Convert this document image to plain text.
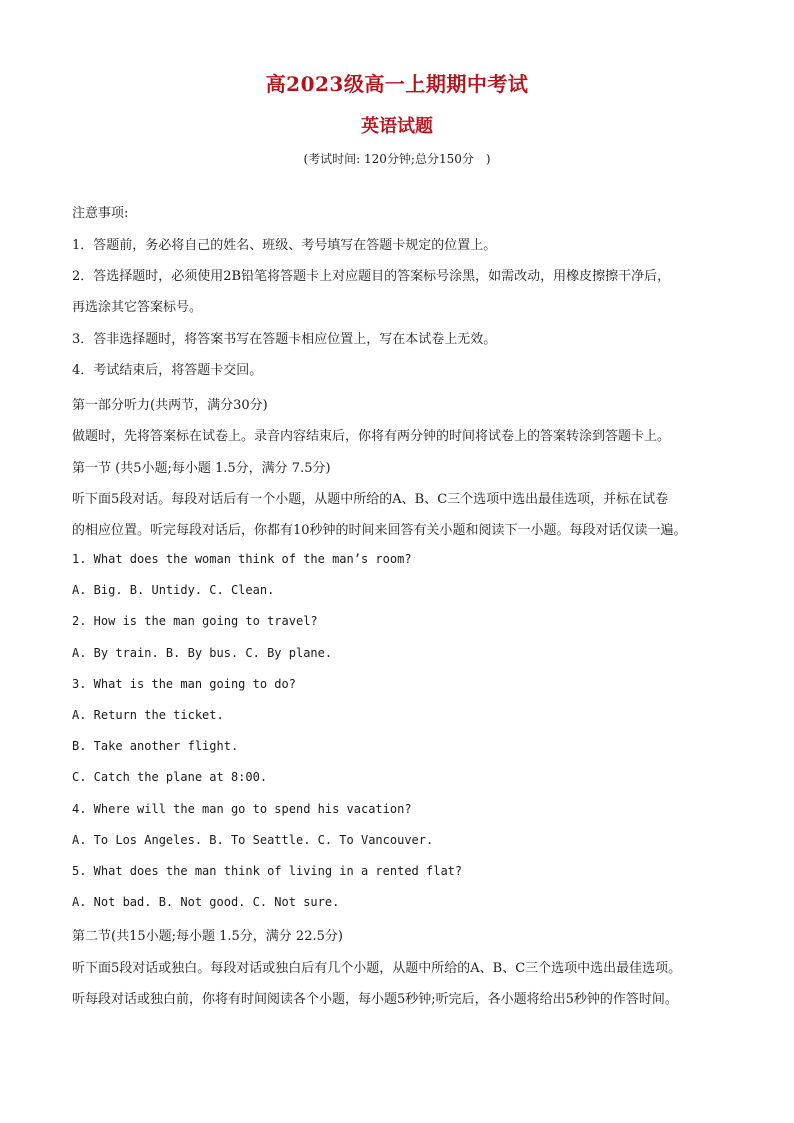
高2023级高一上期期中考试
英语试题
(考试时间: 120分钟;总分150分　)
注意事项:
1．答题前，务必将自己的姓名、班级、考号填写在答题卡规定的位置上。
2．答选择题时，必须使用2B铅笔将答题卡上对应题目的答案标号涂黑，如需改动，用橡皮擦擦干净后，
再选涂其它答案标号。
3．答非选择题时，将答案书写在答题卡相应位置上，写在本试卷上无效。
4．考试结束后，将答题卡交回。
第一部分听力(共两节，满分30分)
做题时，先将答案标在试卷上。录音内容结束后，你将有两分钟的时间将试卷上的答案转涂到答题卡上。
第一节 (共5小题;每小题 1.5分，满分 7.5分)
听下面5段对话。每段对话后有一个小题，从题中所给的A、B、C三个选项中选出最佳选项，并标在试卷
的相应位置。听完每段对话后，你都有10秒钟的时间来回答有关小题和阅读下一小题。每段对话仅读一遍。
1. What does the woman think of the man’s room?
A. Big. B. Untidy. C. Clean.
2. How is the man going to travel?
A. By train. B. By bus. C. By plane.
3. What is the man going to do?
A. Return the ticket.
B. Take another flight.
C. Catch the plane at 8:00.
4. Where will the man go to spend his vacation?
A. To Los Angeles. B. To Seattle. C. To Vancouver.
5. What does the man think of living in a rented flat?
A. Not bad. B. Not good. C. Not sure.
第二节(共15小题;每小题 1.5分，满分 22.5分)
听下面5段对话或独白。每段对话或独白后有几个小题，从题中所给的A、B、C三个选项中选出最佳选项。
听每段对话或独白前，你将有时间阅读各个小题，每小题5秒钟;听完后，各小题将给出5秒钟的作答时间。
